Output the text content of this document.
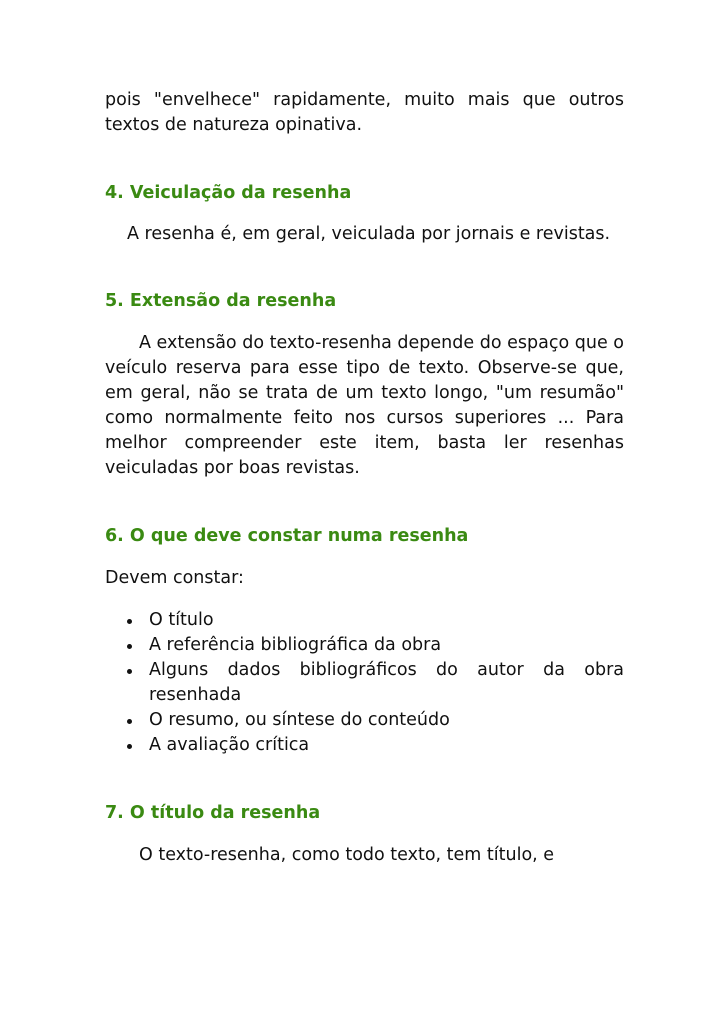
pois "envelhece" rapidamente, muito mais que outros textos de natureza opinativa.

4. Veiculação da resenha

A resenha é, em geral, veiculada por jornais e revistas.

5. Extensão da resenha

A extensão do texto-resenha depende do espaço que o veículo reserva para esse tipo de texto. Observe-se que, em geral, não se trata de um texto longo, "um resumão" como normalmente feito nos cursos superiores ... Para melhor compreender este item, basta ler resenhas veiculadas por boas revistas.

6. O que deve constar numa resenha

Devem constar:

O título
A referência bibliográfica da obra
Alguns dados bibliográficos do autor da obra resenhada
O resumo, ou síntese do conteúdo
A avaliação crítica
7. O título da resenha

O texto-resenha, como todo texto, tem título, e
